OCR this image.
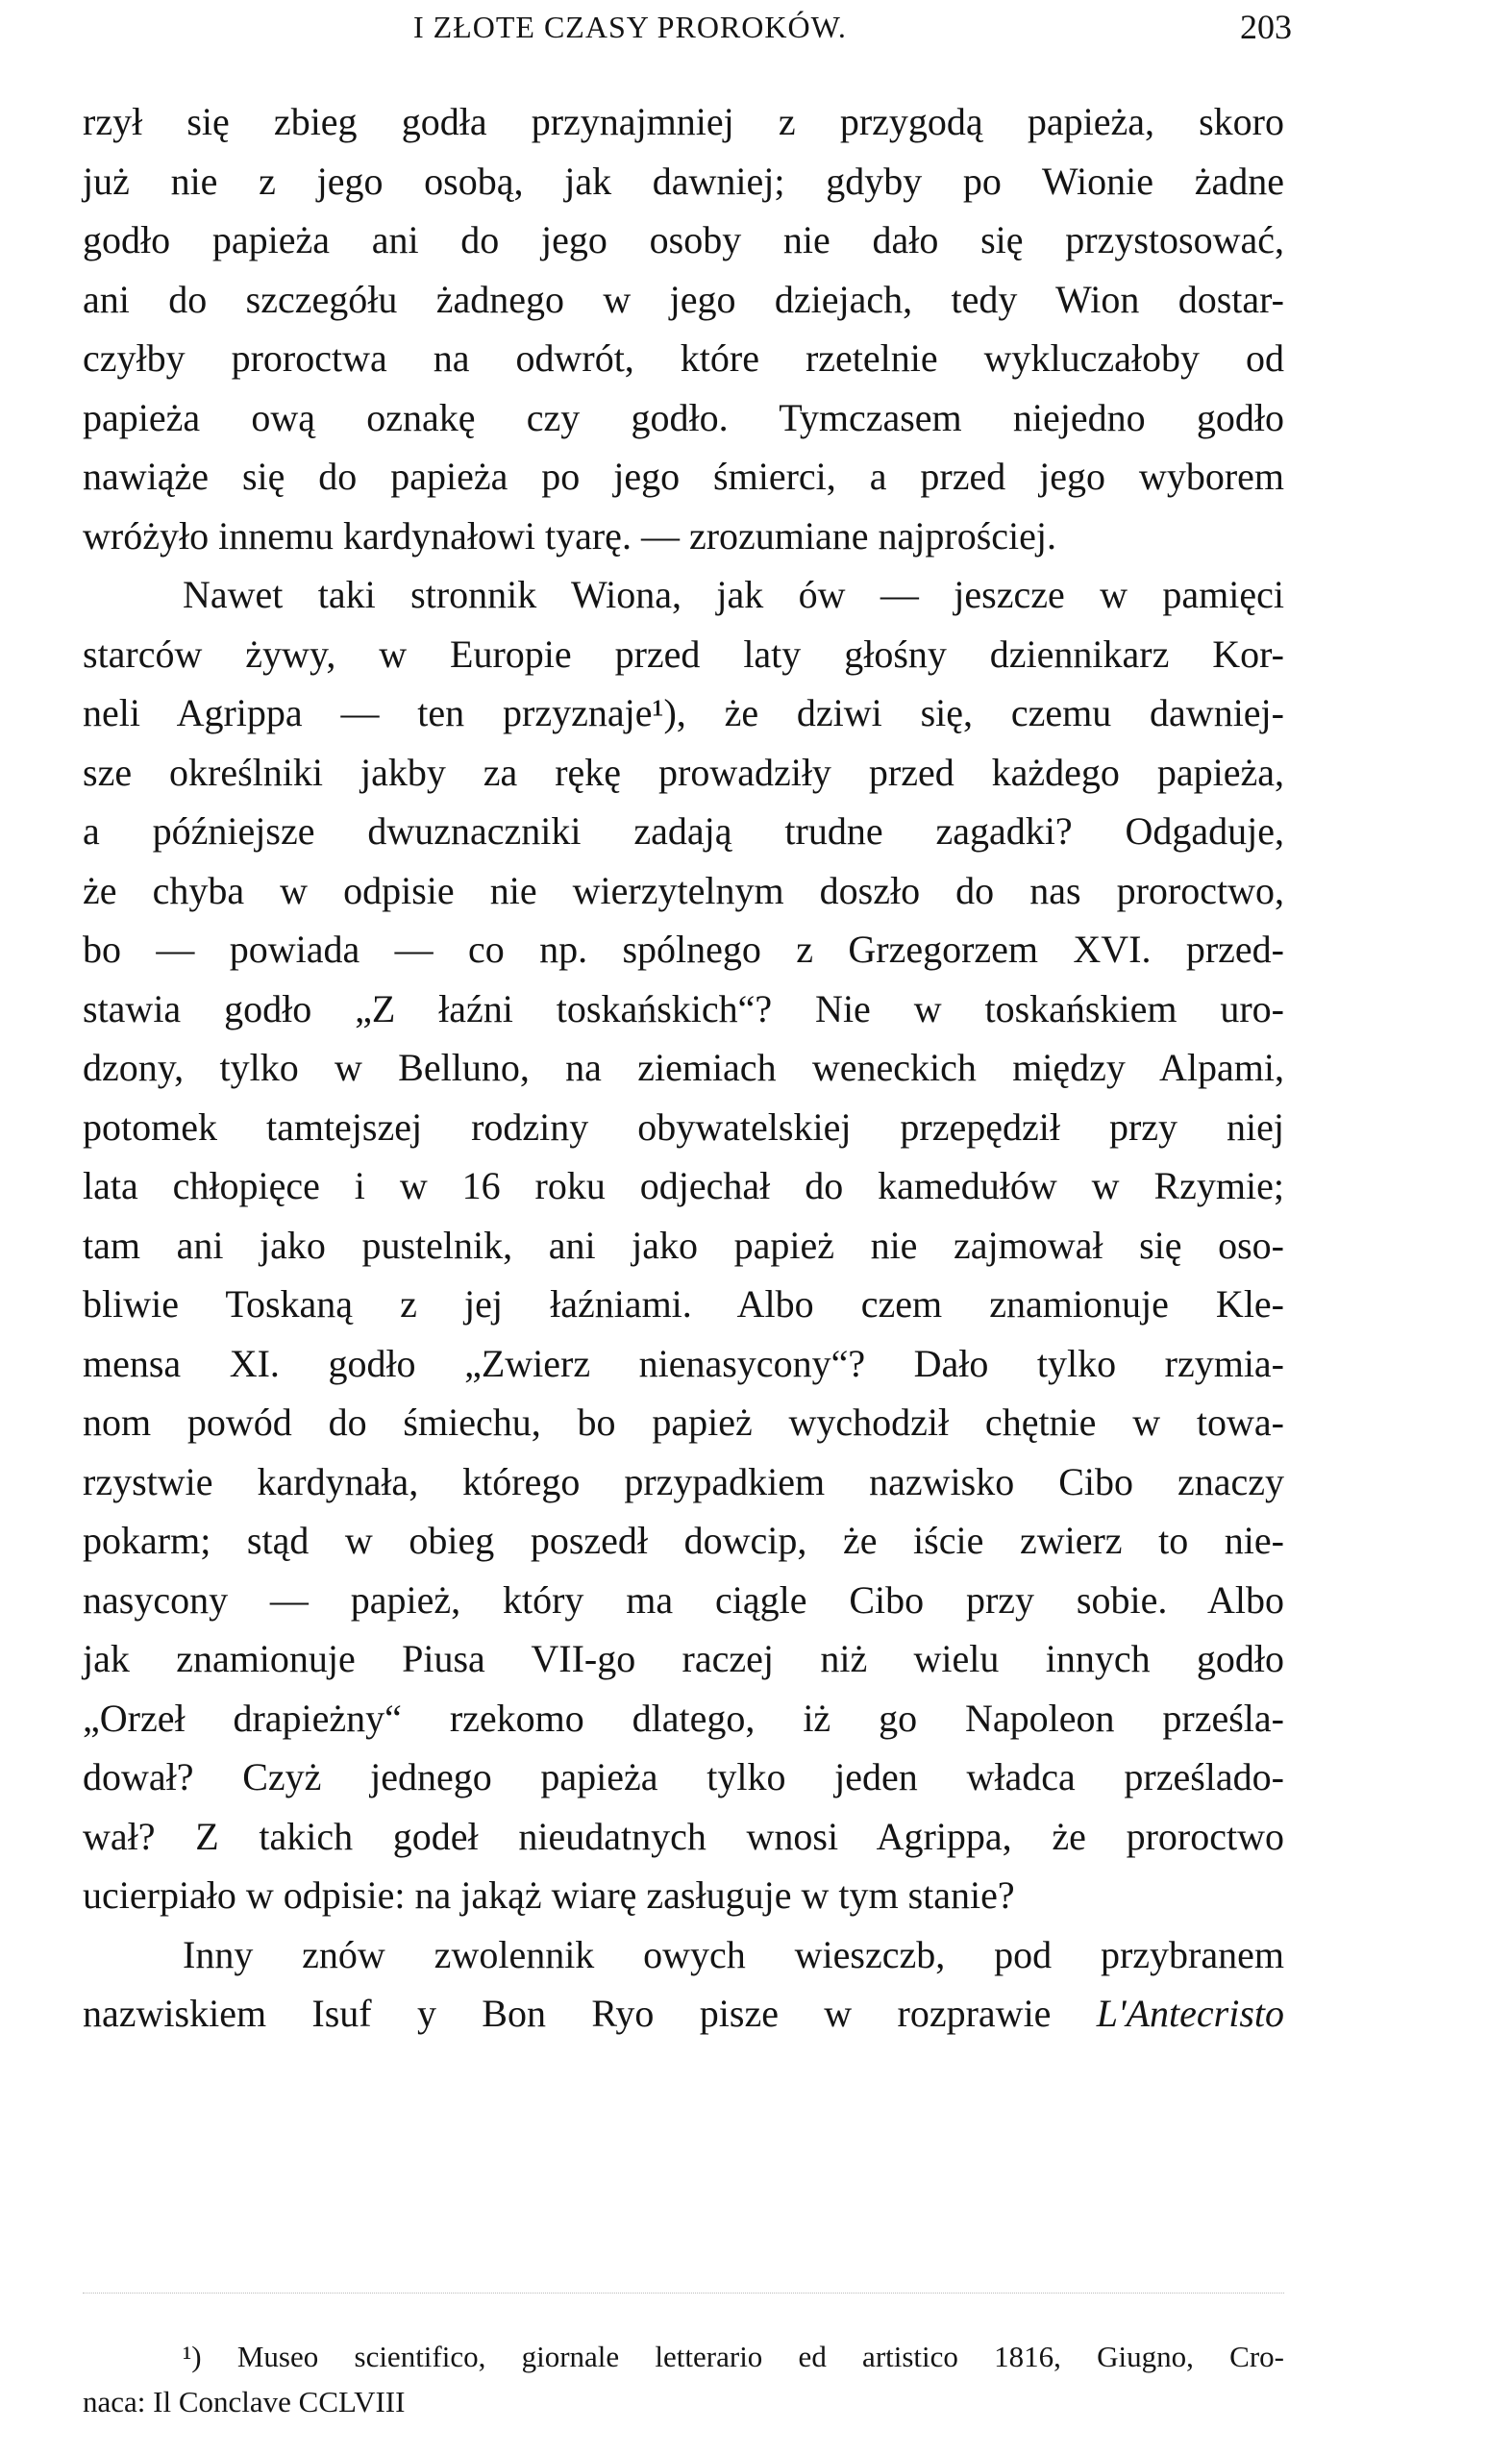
I ZŁOTE CZASY PROROKÓW.	203
rzył się zbieg godła przynajmniej z przygodą papieża, skoro
już nie z jego osobą, jak dawniej; gdyby po Wionie żadne
godło papieża ani do jego osoby nie dało się przystosować,
ani do szczegółu żadnego w jego dziejach, tedy Wion dostar-
czyłby proroctwa na odwrót, które rzetelnie wykluczałoby od
papieża ową oznakę czy godło. Tymczasem niejedno godło
nawiąże się do papieża po jego śmierci, a przed jego wyborem
wróżyło innemu kardynałowi tyarę. — zrozumiane najprościej.
Nawet taki stronnik Wiona, jak ów — jeszcze w pamięci
starców żywy, w Europie przed laty głośny dziennikarz Kor-
neli Agrippa — ten przyznaje¹), że dziwi się, czemu dawniej-
sze określniki jakby za rękę prowadziły przed każdego papieża,
a późniejsze dwuznaczniki zadają trudne zagadki? Odgaduje,
że chyba w odpisie nie wierzytelnym doszło do nas proroctwo,
bo — powiada — co np. spólnego z Grzegorzem XVI. przed-
stawia godło „Z łaźni toskańskich“? Nie w toskańskiem uro-
dzony, tylko w Belluno, na ziemiach weneckich między Alpami,
potomek tamtejszej rodziny obywatelskiej przepędził przy niej
lata chłopięce i w 16 roku odjechał do kamedułów w Rzymie;
tam ani jako pustelnik, ani jako papież nie zajmował się oso-
bliwie Toskaną z jej łaźniami. Albo czem znamionuje Kle-
mensa XI. godło „Zwierz nienasycony“? Dało tylko rzymia-
nom powód do śmiechu, bo papież wychodził chętnie w towa-
rzystwie kardynała, którego przypadkiem nazwisko Cibo znaczy
pokarm; stąd w obieg poszedł dowcip, że iście zwierz to nie-
nasycony — papież, który ma ciągle Cibo przy sobie. Albo
jak znamionuje Piusa VII-go raczej niż wielu innych godło
„Orzeł drapieżny“ rzekomo dlatego, iż go Napoleon prześla-
dował? Czyż jednego papieża tylko jeden władca prześlado-
wał? Z takich godeł nieudatnych wnosi Agrippa, że proroctwo
ucierpiało w odpisie: na jakąż wiarę zasługuje w tym stanie?
Inny znów zwolennik owych wieszczb, pod przybranem
nazwiskiem Isuf y Bon Ryo pisze w rozprawie L'Antecristo
¹) Museo scientifico, giornale letterario ed artistico 1816, Giugno, Cro-
naca: Il Conclave CCLVIII
